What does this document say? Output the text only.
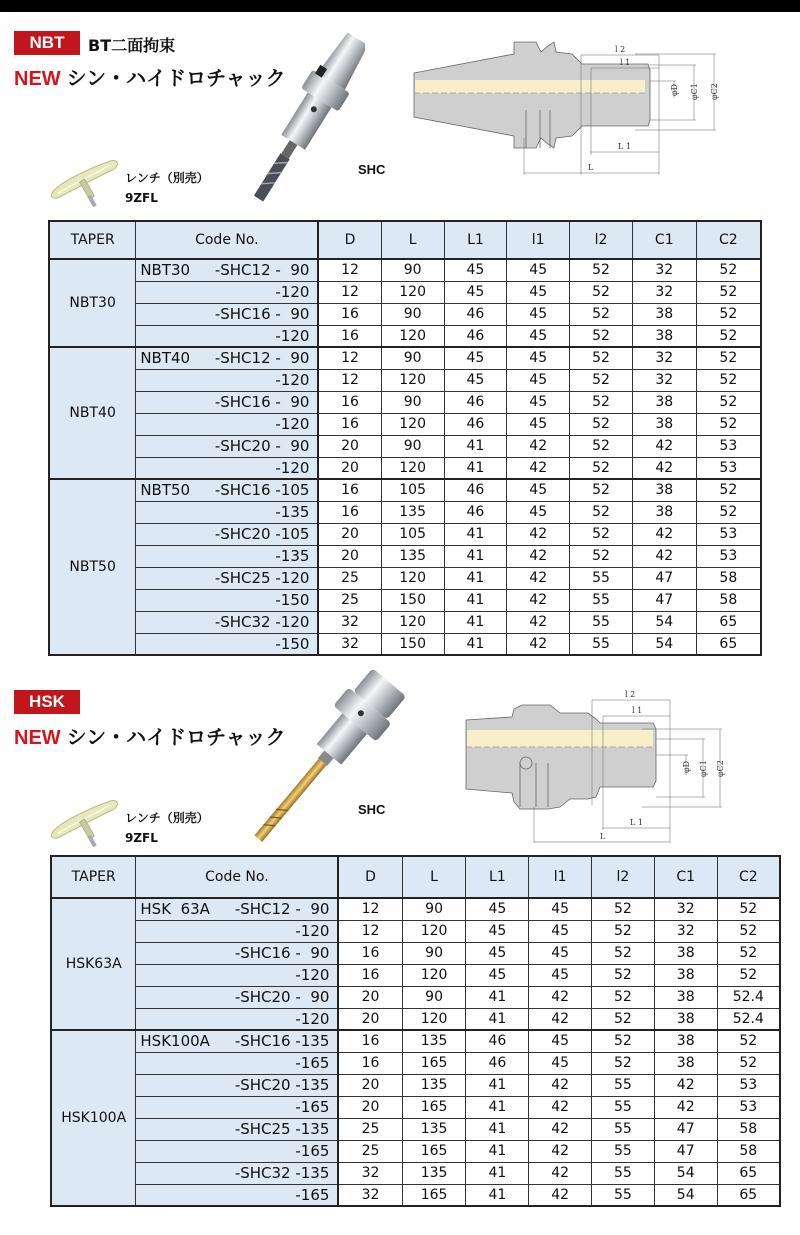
NBT	BT二面拘束
NEW シン・ハイドロチャック
レンチ（別売）
9ZFL
SHC
l 2
l 1
L 1
L
φD φC1 φC2
TAPER	Code No.	D	L	L1	l1	l2	C1	C2
NBT30	NBT30 -SHC12 -  90	12	90	45	45	52	32	52

-120	12	120	45	45	52	32	52

-SHC16 -  90	16	90	46	45	52	38	52

-120	16	120	46	45	52	38	52
NBT40	NBT40 -SHC12 -  90	12	90	45	45	52	32	52

-120	12	120	45	45	52	32	52

-SHC16 -  90	16	90	46	45	52	38	52

-120	16	120	46	45	52	38	52

-SHC20 -  90	20	90	41	42	52	42	53

-120	20	120	41	42	52	42	53
NBT50	NBT50 -SHC16 -105	16	105	46	45	52	38	52

-135	16	135	46	45	52	38	52

-SHC20 -105	20	105	41	42	52	42	53

-135	20	135	41	42	52	42	53

-SHC25 -120	25	120	41	42	55	47	58

-150	25	150	41	42	55	47	58

-SHC32 -120	32	120	41	42	55	54	65

-150	32	150	41	42	55	54	65
HSK
NEW シン・ハイドロチャック
レンチ（別売）
9ZFL
SHC
l 2
l 1
L 1
L
φD φC1 φC2
TAPER	Code No.	D	L	L1	l1	l2	C1	C2
HSK63A	HSK  63A -SHC12 -  90	12	90	45	45	52	32	52

-120	12	120	45	45	52	32	52

-SHC16 -  90	16	90	45	45	52	38	52

-120	16	120	45	45	52	38	52

-SHC20 -  90	20	90	41	42	52	38	52.4

-120	20	120	41	42	52	38	52.4
HSK100A	HSK100A -SHC16 -135	16	135	46	45	52	38	52

-165	16	165	46	45	52	38	52

-SHC20 -135	20	135	41	42	55	42	53

-165	20	165	41	42	55	42	53

-SHC25 -135	25	135	41	42	55	47	58

-165	25	165	41	42	55	47	58

-SHC32 -135	32	135	41	42	55	54	65

-165	32	165	41	42	55	54	65
